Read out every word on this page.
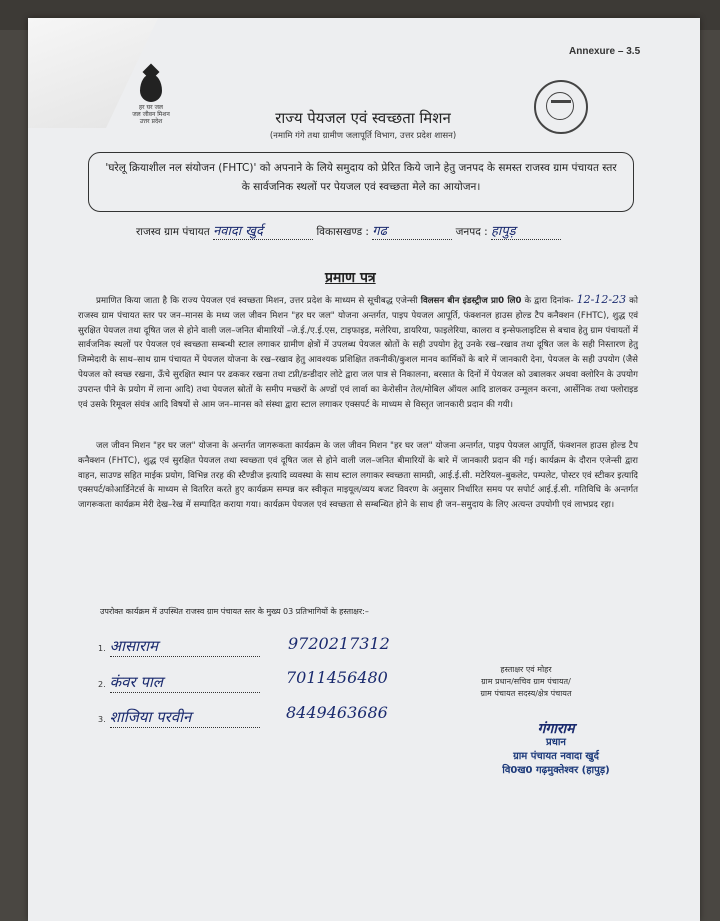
Annexure – 3.5
हर घर जल
जल जीवन मिशन
उत्तर प्रदेश	राज्य पेयजल एवं स्वच्छता मिशन
(नमामि गंगे तथा ग्रामीण जलापूर्ति विभाग, उत्तर प्रदेश शासन)
'घरेलू क्रियाशील नल संयोजन (FHTC)' को अपनाने के लिये समुदाय को प्रेरित किये जाने हेतु जनपद के समस्त राजस्व ग्राम पंचायत स्तर के सार्वजनिक स्थलों पर पेयजल एवं स्वच्छता मेले का आयोजन।
राजस्व ग्राम पंचायत नवादा खुर्द	विकासखण्ड : गढ	जनपद : हापुड़
प्रमाण पत्र
प्रमाणित किया जाता है कि राज्य पेयजल एवं स्वच्छता मिशन, उत्तर प्रदेश के माध्यम से सूचीबद्ध एजेन्सी विलसन बीन इंडस्ट्रीज प्रा0 लि0 के द्वारा दिनांक- 12-12-23 को राजस्व ग्राम पंचायत स्तर पर जन–मानस के मध्य जल जीवन मिशन "हर घर जल" योजना अन्तर्गत, पाइप पेयजल आपूर्ति, फंक्शनल हाउस होल्ड टैप कनैक्शन (FHTC), शुद्ध एवं सुरक्षित पेयजल तथा दूषित जल से होने वाली जल–जनित बीमारियों –जे.ई./ए.ई.एस, टाइफाइड, मलेरिया, डायरिया, फाइलेरिया, कालरा व इन्सेफलाइटिस से बचाव हेतु ग्राम पंचायतों में सार्वजनिक स्थलों पर पेयजल एवं स्वच्छता सम्बन्धी स्टाल लगाकर ग्रामीण क्षेत्रों में उपलब्ध पेयजल स्रोतों के सही उपयोग हेतु उनके रख–रखाव तथा दूषित जल के सही निस्तारण हेतु जिम्मेदारी के साथ–साथ ग्राम पंचायत में पेयजल योजना के रख–रखाव हेतु आवश्यक प्रशिक्षित तकनीकी/कुशल मानव कार्मिकों के बारे में जानकारी देना, पेयजल के सही उपयोग (जैसे पेयजल को स्वच्छ रखना, ऊँचे सुरक्षित स्थान पर ढककर रखना तथा टप्नी/डन्डीदार लोटे द्वारा जल पात्र से निकालना, बरसात के दिनों में पेयजल को उबालकर अथवा क्लोरिन के उपयोग उपरान्त पीने के प्रयोग में लाना आदि) तथा पेयजल स्रोतों के समीप मच्छरों के अण्डों एवं लार्वा का केरोसीन तेल/मोबिल ऑयल आदि डालकर उन्मूलन करना, आर्सेनिक तथा फ्लोराइड एवं उसके रिमूवल संयंत्र आदि विषयों से आम जन–मानस को संस्था द्वारा स्टाल लगाकर एक्सपर्ट के माध्यम से विस्तृत जानकारी प्रदान की गयी।
जल जीवन मिशन "हर घर जल" योजना के अन्तर्गत जागरूकता कार्यक्रम के जल जीवन मिशन "हर घर जल" योजना अन्तर्गत, पाइप पेयजल आपूर्ति, फंक्शनल हाउस होल्ड टैप कनैक्शन (FHTC), शुद्ध एवं सुरक्षित पेयजल तथा स्वच्छता एवं दूषित जल से होने वाली जल–जनित बीमारियों के बारे में जानकारी प्रदान की गई। कार्यक्रम के दौरान एजेन्सी द्वारा वाहन, साउण्ड सहित माईक प्रयोग, विभिन्न तरह की स्टैण्डीज इत्यादि व्यवस्था के साथ स्टाल लगाकर स्वच्छता सामग्री, आई.ई.सी. मटेरियल–बुकलेट, पम्पलेट, पोस्टर एवं स्टीकर इत्यादि एक्सपर्ट/कोआर्डिनेटर्स के माध्यम से वितरित करते हुए कार्यक्रम सम्पन्न कर स्वीकृत माइयूल/व्यय बजट विवरण के अनुसार निर्धारित समय पर सपोर्ट आई.ई.सी. गतिविधि के अन्तर्गत जागरूकता कार्यक्रम मेरी देख–रेख में सम्पादित कराया गया। कार्यक्रम पेयजल एवं स्वच्छता से सम्बन्धित होने के साथ ही जन–समुदाय के लिए अत्यन्त उपयोगी एवं लाभप्रद रहा।
उपरोक्त कार्यक्रम में उपस्थित राजस्व ग्राम पंचायत स्तर के मुख्य 03 प्रतिभागियों के हस्ताक्षर:–
1. आसाराम	9720217312
2. कंवर पाल	7011456480
3. शाजिया परवीन	8449463686
हस्ताक्षर एवं मोहर
ग्राम प्रधान/सचिव ग्राम पंचायत/
ग्राम पंचायत सदस्य/क्षेत्र पंचायत
गंगाराम
प्रधान
ग्राम पंचायत नवादा खुर्द
वि0ख0 गढ़मुक्तेश्वर (हापुड़)
